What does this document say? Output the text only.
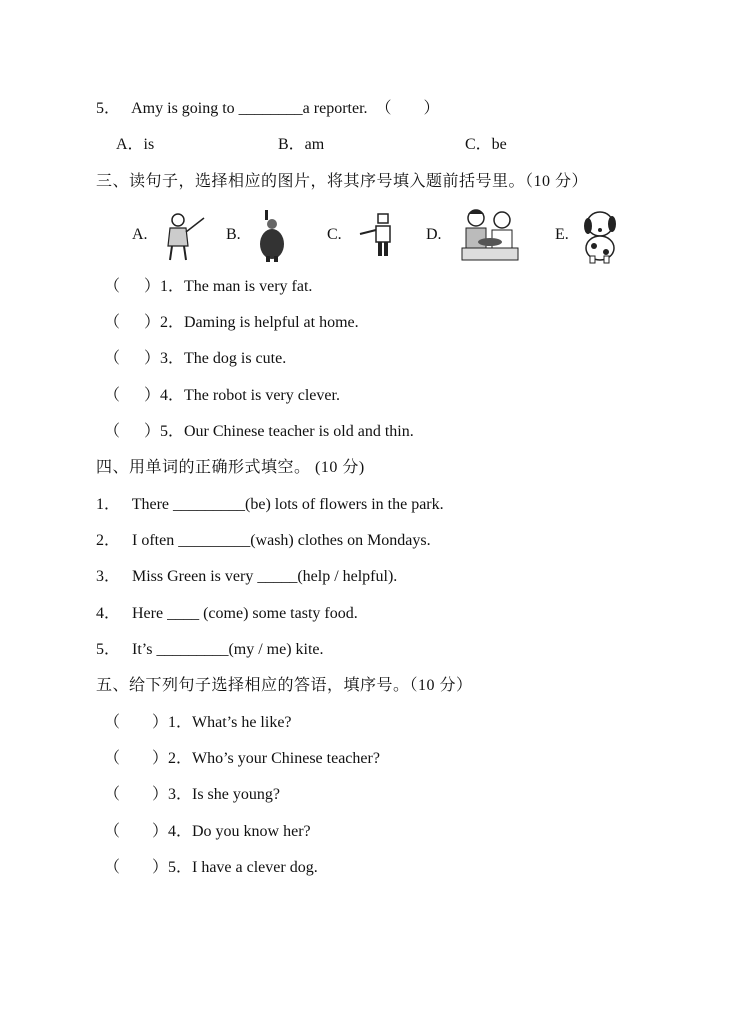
5．   Amy is going to ________a reporter.  （        ）
A．is	B．am	C．be
三、读句子，选择相应的图片，将其序号填入题前括号里。（10 分）
A.	B.	C.	D.	E.
（      ）1．The man is very fat.
（      ）2．Daming is helpful at home.
（      ）3．The dog is cute.
（      ）4．The robot is very clever.
（      ）5．Our Chinese teacher is old and thin.
四、用单词的正确形式填空。 (10 分)
1．   There _________(be) lots of flowers in the park.
2．   I often _________(wash) clothes on Mondays.
3．   Miss Green is very _____(help / helpful).
4．   Here ____ (come) some tasty food.
5．   It’s _________(my / me) kite.
五、给下列句子选择相应的答语，填序号。（10 分）
（        ）1．What’s he like?
（        ）2．Who’s your Chinese teacher?
（        ）3．Is she young?
（        ）4．Do you know her?
（        ）5．I have a clever dog.
